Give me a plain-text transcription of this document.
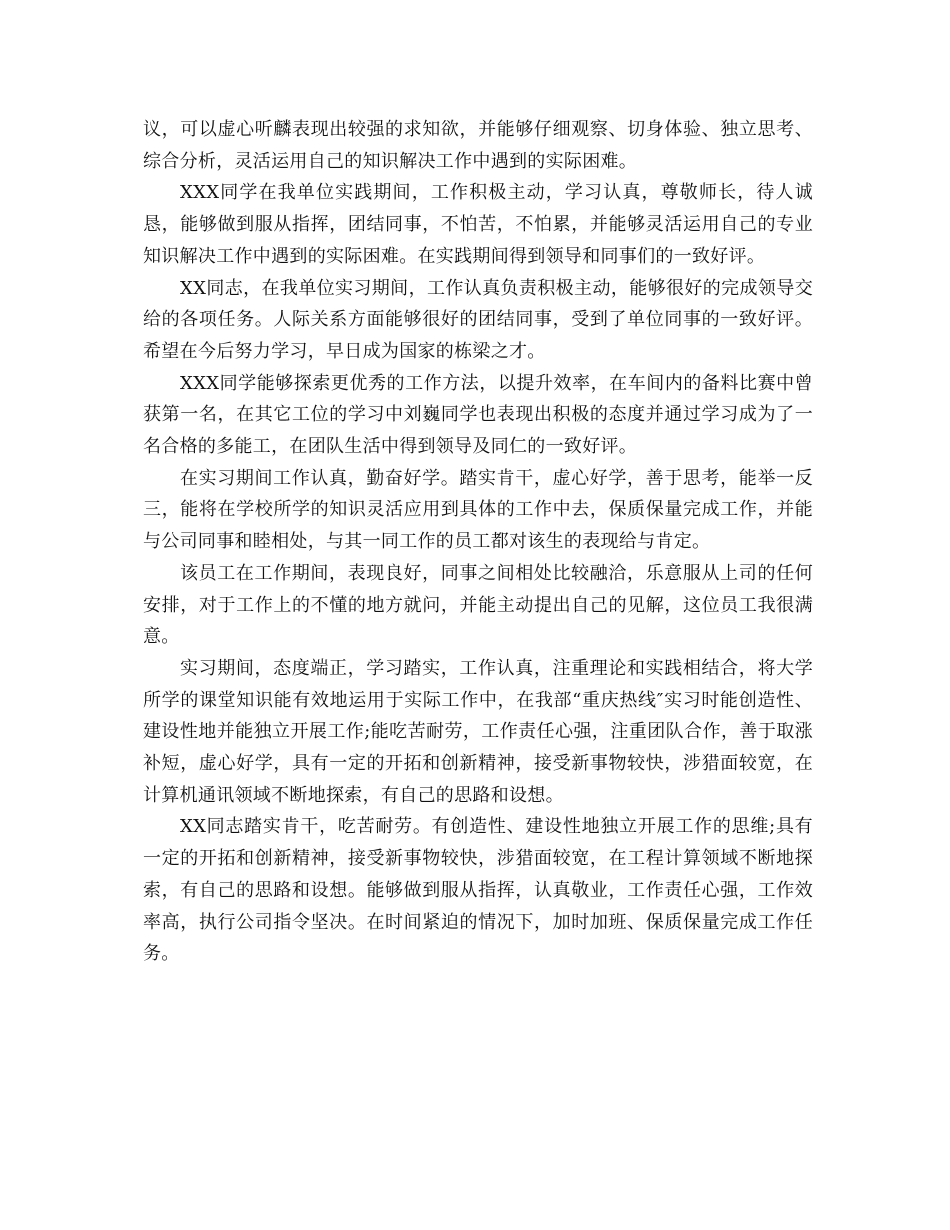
议，可以虚心听⁠麟表现出较强的求知欲，并能够仔细观察、切身体验、独立思考、综合分析，灵活运用自己的知识解决工作中遇到的实际困难。

XXX同学在我单位实践期间，工作积极主动，学习认真，尊敬师长，待人诚恳，能够做到服从指挥，团结同事，不怕苦，不怕累，并能够灵活运用自己的专业知识解决工作中遇到的实际困难。在实践期间得到领导和同事们的一致好评。

XX同志，在我单位实习期间，工作认真负责积极主动，能够很好的完成领导交给的各项任务。人际关系方面能够很好的团结同事，受到了单位同事的一致好评。希望在今后努力学习，早日成为国家的栋梁之才。

XXX同学能够探索更优秀的工作方法，以提升效率，在车间内的备料比赛中曾获第一名，在其它工位的学习中刘巍同学也表现出积极的态度并通过学习成为了一名合格的多能工，在团队生活中得到领导及同仁的一致好评。

在实习期间工作认真，勤奋好学。踏实肯干，虚心好学，善于思考，能举一反三，能将在学校所学的知识灵活应用到具体的工作中去，保质保量完成工作，并能与公司同事和睦相处，与其一同工作的员工都对该生的表现给与肯定。

该员工在工作期间，表现良好，同事之间相处比较融洽，乐意服从上司的任何安排，对于工作上的不懂的地方就问，并能主动提出自己的见解，这位员工我很满意。

实习期间，态度端正，学习踏实，工作认真，注重理论和实践相结合，将大学所学的课堂知识能有效地运用于实际工作中，在我部“重庆热线″实习时能创造性、建设性地并能独立开展工作;能吃苦耐劳，工作责任心强，注重团队合作，善于取涨补短，虚心好学，具有一定的开拓和创新精神，接受新事物较快，涉猎面较宽，在计算机通讯领域不断地探索，有自己的思路和设想。

XX同志踏实肯干，吃苦耐劳。有创造性、建设性地独立开展工作的思维;具有一定的开拓和创新精神，接受新事物较快，涉猎面较宽，在工程计算领域不断地探索，有自己的思路和设想。能够做到服从指挥，认真敬业，工作责任心强，工作效率高，执行公司指令坚决。在时间紧迫的情况下，加时加班、保质保量完成工作任务。
